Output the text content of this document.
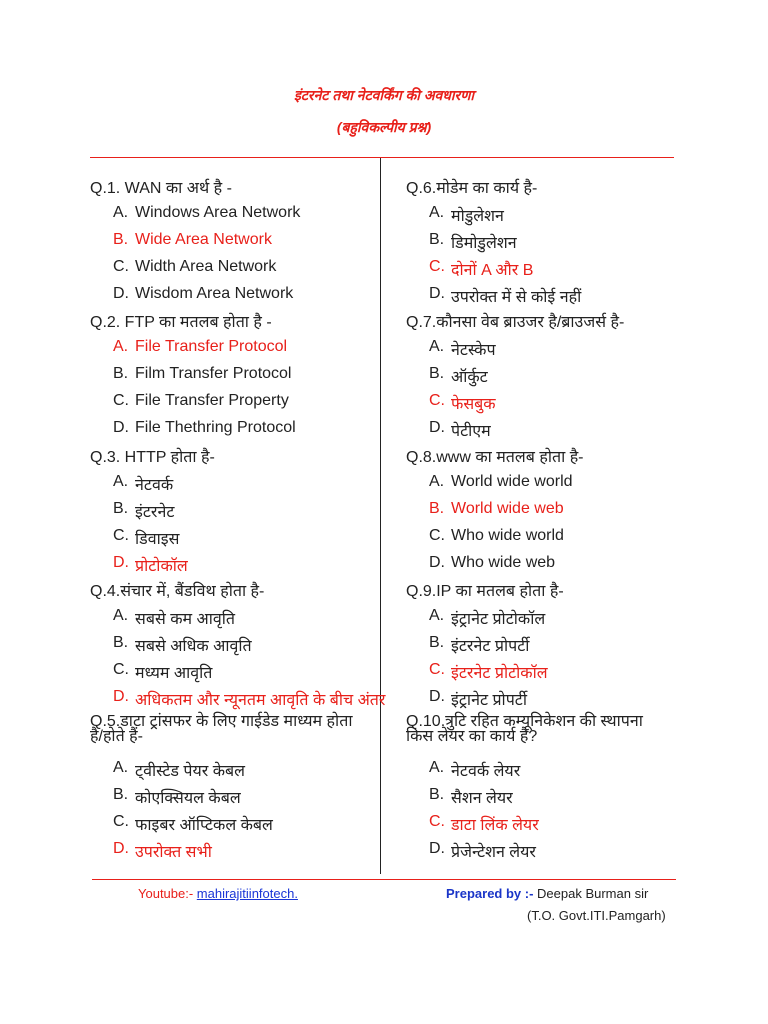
इंटरनेट तथा नेटवर्किंग की अवधारणा
(बहुविकल्पीय प्रश्न)
Q.1. WAN का अर्थ है -
A. Windows Area Network
B. Wide Area Network
C. Width Area Network
D. Wisdom Area Network
Q.2. FTP का मतलब होता है -
A. File Transfer Protocol
B. Film Transfer Protocol
C. File Transfer Property
D. File Thethring Protocol
Q.3. HTTP होता है-
A. नेटवर्क
B. इंटरनेट
C. डिवाइस
D. प्रोटोकॉल
Q.4.संचार में, बैंडविथ होता है-
A. सबसे कम आवृति
B. सबसे अधिक आवृति
C. मध्यम आवृति
D. अधिकतम और न्यूनतम आवृति के बीच अंतर
Q.5.डाटा ट्रांसफर के लिए गाईडेड माध्यम होता है/होते हैं-
A. ट्वीस्टेड पेयर केबल
B. कोएक्सियल केबल
C. फाइबर ऑप्टिकल केबल
D. उपरोक्त सभी
Q.6.मोडेम का कार्य है-
A. मोडुलेशन
B. डिमोडुलेशन
C. दोनों A और B
D. उपरोक्त में से कोई नहीं
Q.7.कौनसा वेब ब्राउजर है/ब्राउजर्स है-
A. नेटस्केप
B. ऑर्कुट
C. फेसबुक
D. पेटीएम
Q.8.www का मतलब होता है-
A. World wide world
B. World wide web
C. Who wide world
D. Who wide web
Q.9.IP का मतलब होता है-
A. इंट्रानेट प्रोटोकॉल
B. इंटरनेट प्रोपर्टी
C. इंटरनेट प्रोटोकॉल
D. इंट्रानेट प्रोपर्टी
Q.10.त्रुटि रहित कम्यूनिकेशन की स्थापना किस लेयर का कार्य है?
A. नेटवर्क लेयर
B. सैशन लेयर
C. डाटा लिंक लेयर
D. प्रेजेन्टेशन लेयर
Youtube:- mahirajitiinfotech.	Prepared by :- Deepak Burman sir
(T.O. Govt.ITI.Pamgarh)
